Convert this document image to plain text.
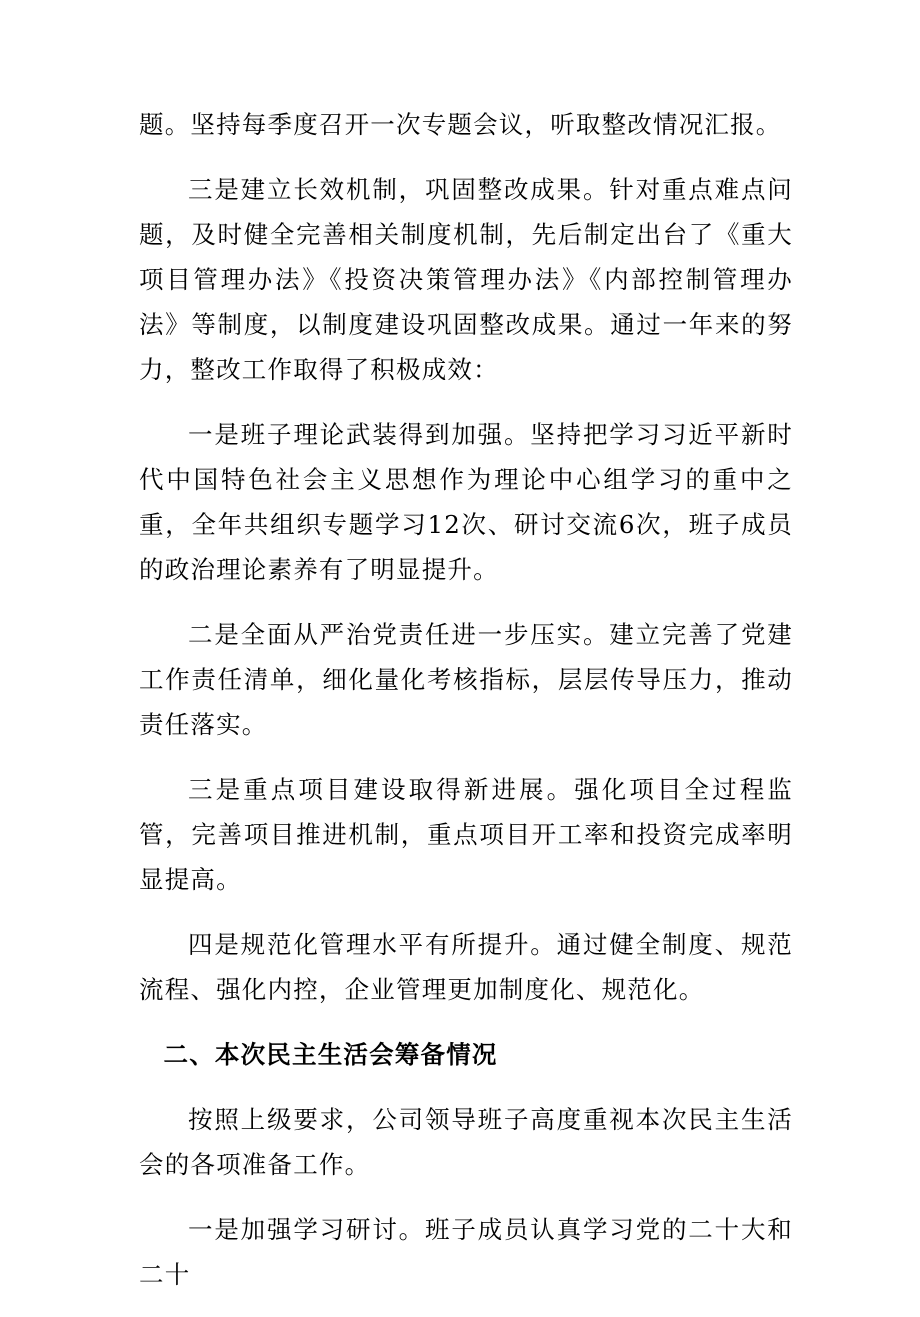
题。坚持每季度召开一次专题会议，听取整改情况汇报。

三是建立长效机制，巩固整改成果。针对重点难点问题，及时健全完善相关制度机制，先后制定出台了《重大项目管理办法》《投资决策管理办法》《内部控制管理办法》等制度，以制度建设巩固整改成果。通过一年来的努力，整改工作取得了积极成效：

一是班子理论武装得到加强。坚持把学习习近平新时代中国特色社会主义思想作为理论中心组学习的重中之重，全年共组织专题学习12次、研讨交流6次，班子成员的政治理论素养有了明显提升。

二是全面从严治党责任进一步压实。建立完善了党建工作责任清单，细化量化考核指标，层层传导压力，推动责任落实。

三是重点项目建设取得新进展。强化项目全过程监管，完善项目推进机制，重点项目开工率和投资完成率明显提高。

四是规范化管理水平有所提升。通过健全制度、规范流程、强化内控，企业管理更加制度化、规范化。

二、本次民主生活会筹备情况

按照上级要求，公司领导班子高度重视本次民主生活会的各项准备工作。

一是加强学习研讨。班子成员认真学习党的二十大和二十
